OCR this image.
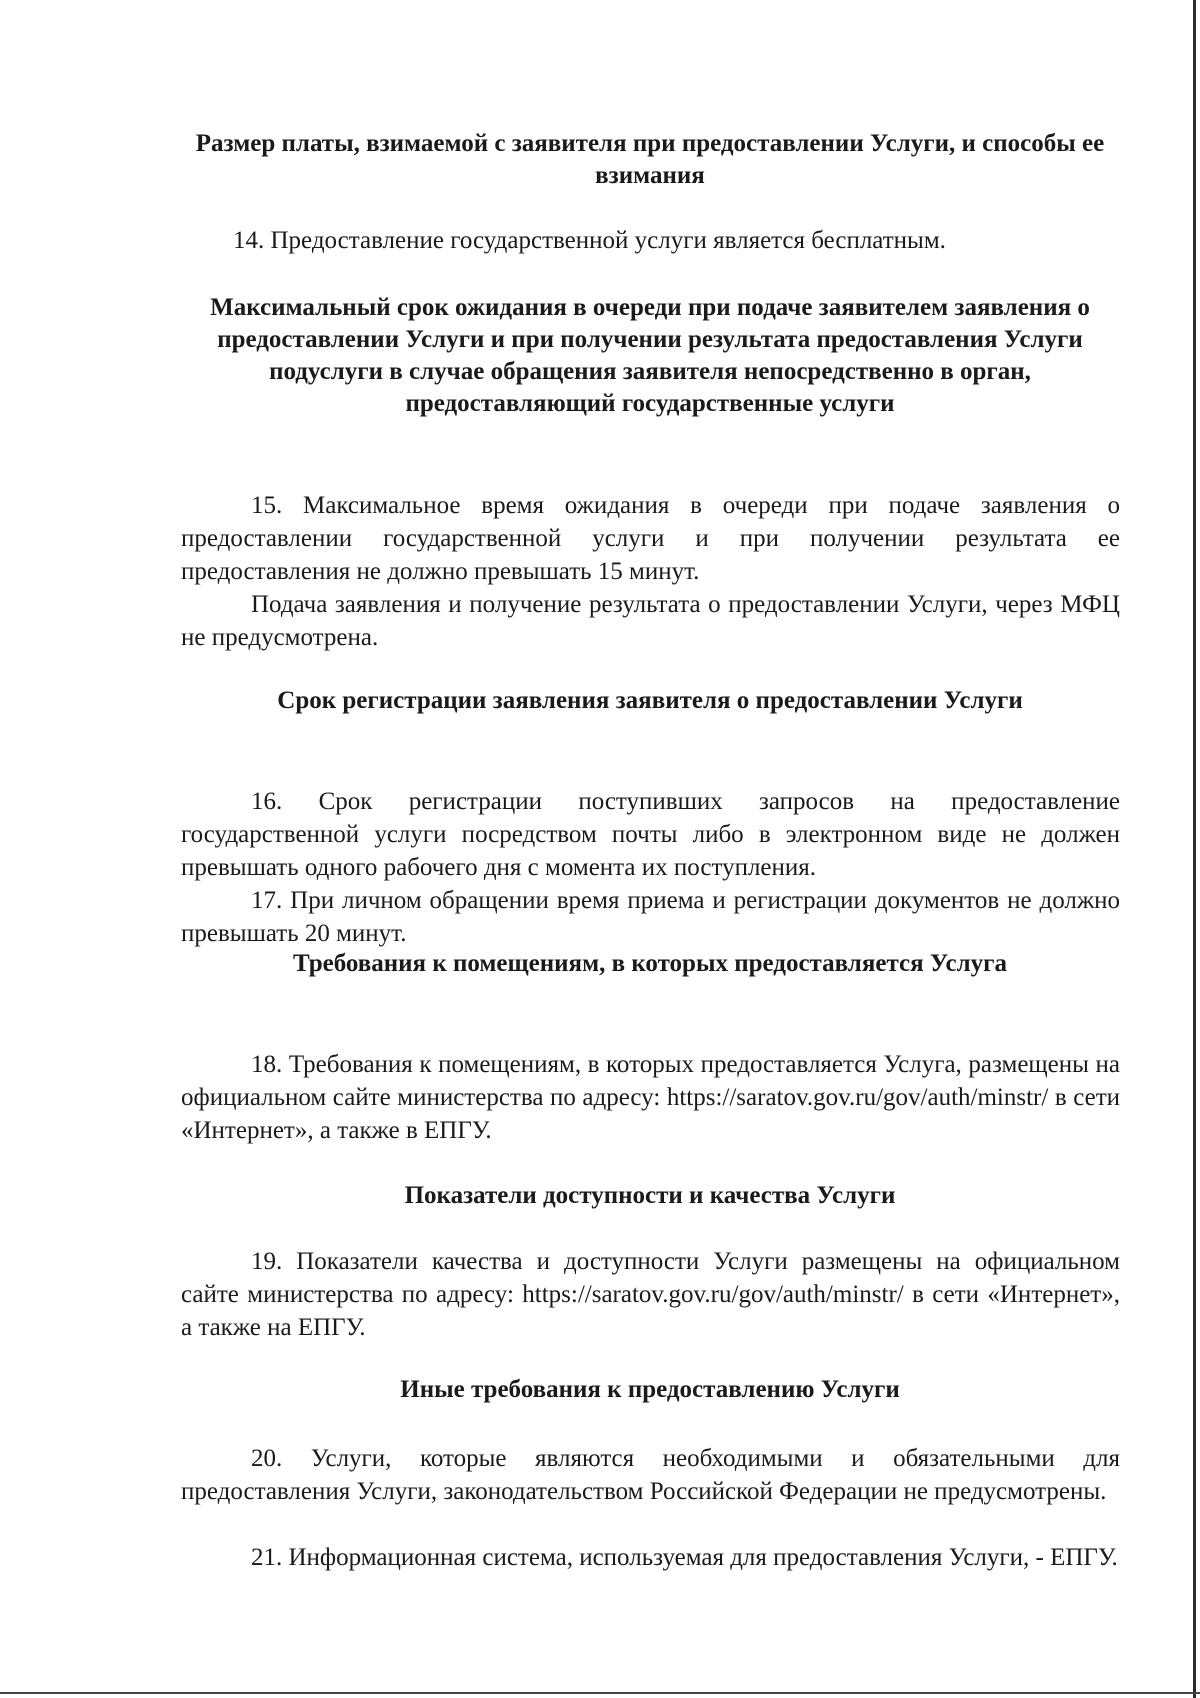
Размер платы, взимаемой с заявителя при предоставлении Услуги, и способы ее взимания

14. Предоставление государственной услуги является бесплатным.

Максимальный срок ожидания в очереди при подаче заявителем заявления о предоставлении Услуги и при получении результата предоставления Услуги подуслуги в случае обращения заявителя непосредственно в орган, предоставляющий государственные услуги

15. Максимальное время ожидания в очереди при подаче заявления о предоставлении государственной услуги и при получении результата ее предоставления не должно превышать 15 минут.

Подача заявления и получение результата о предоставлении Услуги, через МФЦ не предусмотрена.

Срок регистрации заявления заявителя о предоставлении Услуги

16. Срок регистрации поступивших запросов на предоставление государственной услуги посредством почты либо в электронном виде не должен превышать одного рабочего дня с момента их поступления.

17. При личном обращении время приема и регистрации документов не должно превышать 20 минут.

Требования к помещениям, в которых предоставляется Услуга

18. Требования к помещениям, в которых предоставляется Услуга, размещены на официальном сайте министерства по адресу: https://saratov.gov.ru/gov/auth/minstr/ в сети «Интернет», а также в ЕПГУ.

Показатели доступности и качества Услуги

19. Показатели качества и доступности Услуги размещены на официальном сайте министерства по адресу: https://saratov.gov.ru/gov/auth/minstr/ в сети «Интернет», а также на ЕПГУ.

Иные требования к предоставлению Услуги

20. Услуги, которые являются необходимыми и обязательными для предоставления Услуги, законодательством Российской Федерации не предусмотрены.

21. Информационная система, используемая для предоставления Услуги, - ЕПГУ.
